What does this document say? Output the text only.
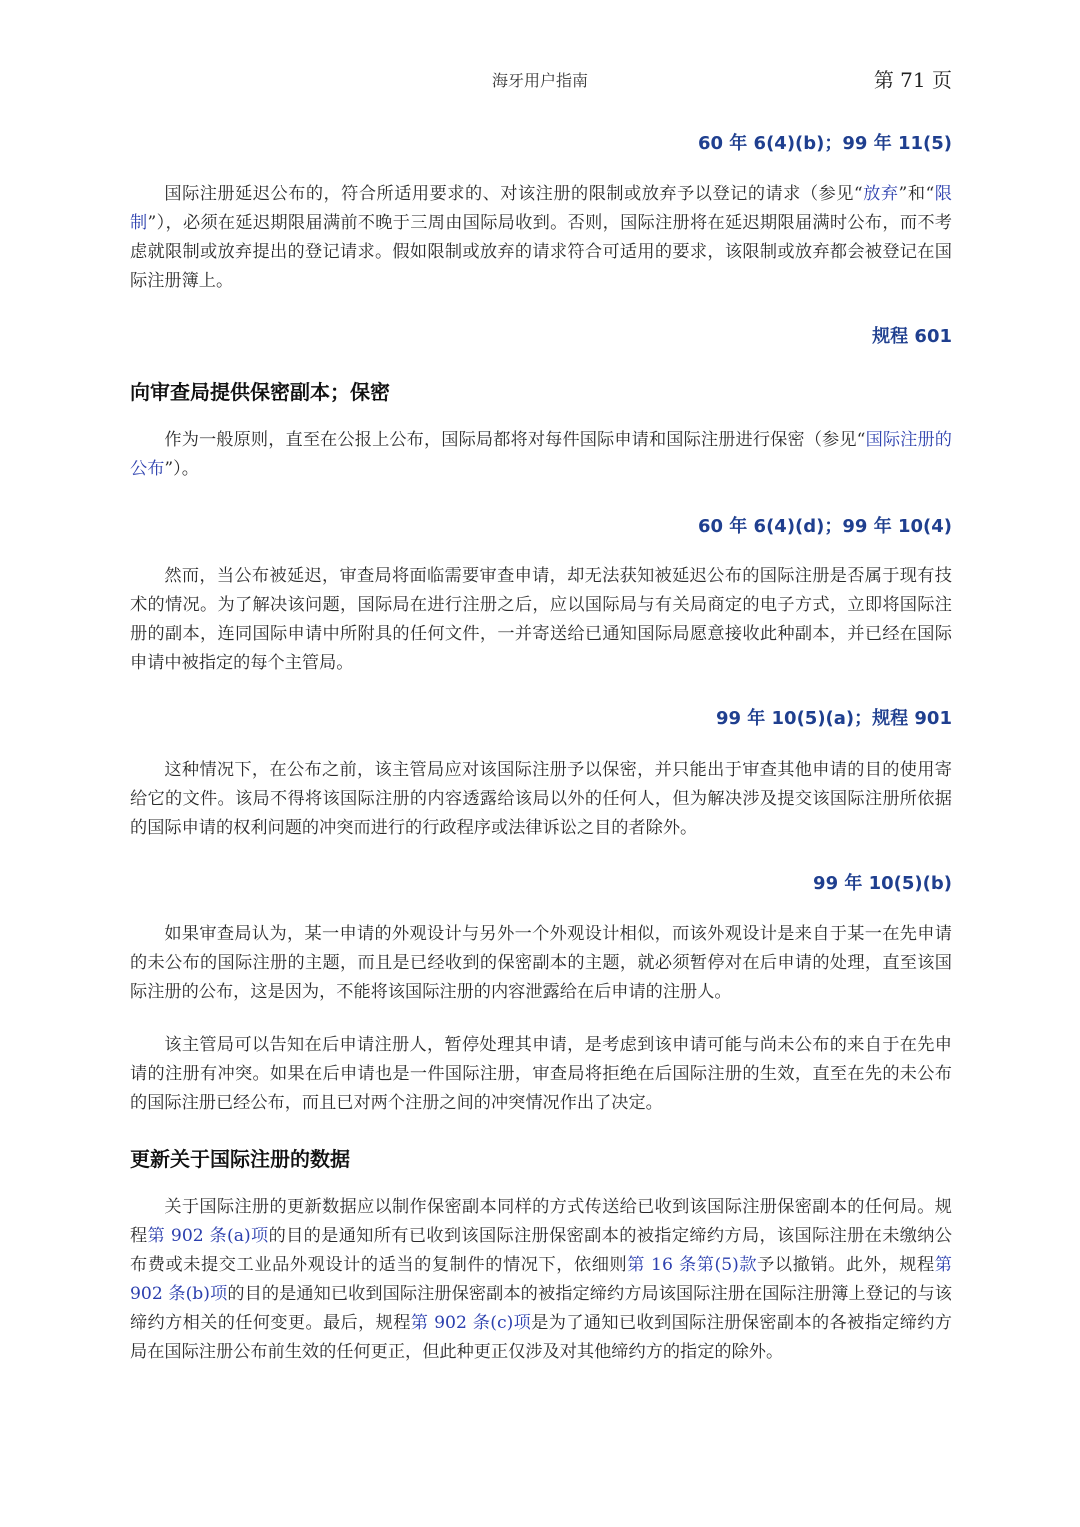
海牙用户指南	第 71 页
60 年 6(4)(b)；99 年 11(5)
国际注册延迟公布的，符合所适用要求的、对该注册的限制或放弃予以登记的请求（参见“放弃”和“限制”），必须在延迟期限届满前不晚于三周由国际局收到。否则，国际注册将在延迟期限届满时公布，而不考虑就限制或放弃提出的登记请求。假如限制或放弃的请求符合可适用的要求，该限制或放弃都会被登记在国际注册簿上。
规程 601
向审查局提供保密副本；保密
作为一般原则，直至在公报上公布，国际局都将对每件国际申请和国际注册进行保密（参见“国际注册的公布”）。
60 年 6(4)(d)；99 年 10(4)
然而，当公布被延迟，审查局将面临需要审查申请，却无法获知被延迟公布的国际注册是否属于现有技术的情况。为了解决该问题，国际局在进行注册之后，应以国际局与有关局商定的电子方式，立即将国际注册的副本，连同国际申请中所附具的任何文件，一并寄送给已通知国际局愿意接收此种副本，并已经在国际申请中被指定的每个主管局。
99 年 10(5)(a)；规程 901
这种情况下，在公布之前，该主管局应对该国际注册予以保密，并只能出于审查其他申请的目的使用寄给它的文件。该局不得将该国际注册的内容透露给该局以外的任何人，但为解决涉及提交该国际注册所依据的国际申请的权利问题的冲突而进行的行政程序或法律诉讼之目的者除外。
99 年 10(5)(b)
如果审查局认为，某一申请的外观设计与另外一个外观设计相似，而该外观设计是来自于某一在先申请的未公布的国际注册的主题，而且是已经收到的保密副本的主题，就必须暂停对在后申请的处理，直至该国际注册的公布，这是因为，不能将该国际注册的内容泄露给在后申请的注册人。
该主管局可以告知在后申请注册人，暂停处理其申请，是考虑到该申请可能与尚未公布的来自于在先申请的注册有冲突。如果在后申请也是一件国际注册，审查局将拒绝在后国际注册的生效，直至在先的未公布的国际注册已经公布，而且已对两个注册之间的冲突情况作出了决定。
更新关于国际注册的数据
关于国际注册的更新数据应以制作保密副本同样的方式传送给已收到该国际注册保密副本的任何局。规程第 902 条(a)项的目的是通知所有已收到该国际注册保密副本的被指定缔约方局，该国际注册在未缴纳公布费或未提交工业品外观设计的适当的复制件的情况下，依细则第 16 条第(5)款予以撤销。此外，规程第 902 条(b)项的目的是通知已收到国际注册保密副本的被指定缔约方局该国际注册在国际注册簿上登记的与该缔约方相关的任何变更。最后，规程第 902 条(c)项是为了通知已收到国际注册保密副本的各被指定缔约方局在国际注册公布前生效的任何更正，但此种更正仅涉及对其他缔约方的指定的除外。
